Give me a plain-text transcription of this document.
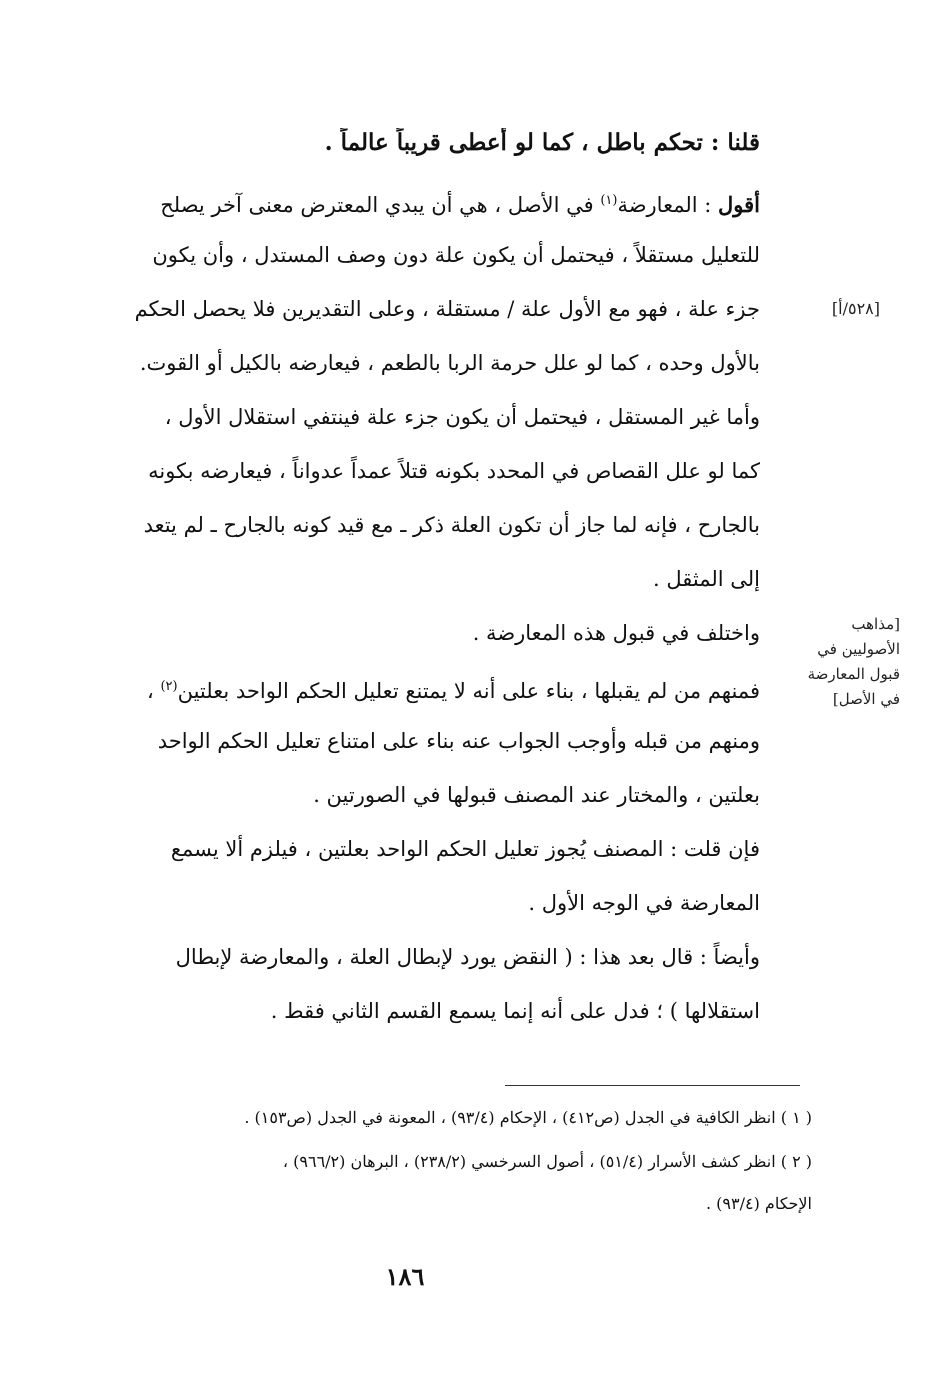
قلنا : تحكم باطل ، كما لو أعطى قريباً عالماً .
أقول : المعارضة$^{(١)}$ في الأصل ، هي أن يبدي المعترض معنى آخر يصلح
للتعليل مستقلاً ، فيحتمل أن يكون علة دون وصف المستدل ، وأن يكون
جزء علة ، فهو مع الأول علة / مستقلة ، وعلى التقديرين فلا يحصل الحكم
بالأول وحده ، كما لو علل حرمة الربا بالطعم ، فيعارضه بالكيل أو القوت.
وأما غير المستقل ، فيحتمل أن يكون جزء علة فينتفي استقلال الأول ،
كما لو علل القصاص في المحدد بكونه قتلاً عمداً عدواناً ، فيعارضه بكونه
بالجارح ، فإنه لما جاز أن تكون العلة ذكر ـ مع قيد كونه بالجارح ـ لم يتعد
إلى المثقل .
واختلف في قبول هذه المعارضة .
فمنهم من لم يقبلها ، بناء على أنه لا يمتنع تعليل الحكم الواحد بعلتين$^{(٢)}$ ،
ومنهم من قبله وأوجب الجواب عنه بناء على امتناع تعليل الحكم الواحد
بعلتين ، والمختار عند المصنف قبولها في الصورتين .
فإن قلت : المصنف يُجوز تعليل الحكم الواحد بعلتين ، فيلزم ألا يسمع
المعارضة في الوجه الأول .
وأيضاً : قال بعد هذا : ( النقض يورد لإبطال العلة ، والمعارضة لإبطال
استقلالها ) ؛ فدل على أنه إنما يسمع القسم الثاني فقط .
[٥٢٨/أ]
[مذاهب
الأصوليين في
قبول المعارضة
في الأصل]
( ١ ) انظر الكافية في الجدل (ص٤١٢) ، الإحكام (٩٣/٤) ، المعونة في الجدل (ص١٥٣) .
( ٢ ) انظر كشف الأسرار (٥١/٤) ، أصول السرخسي (٢٣٨/٢) ، البرهان (٩٦٦/٢) ،
الإحكام (٩٣/٤) .
١٨٦
